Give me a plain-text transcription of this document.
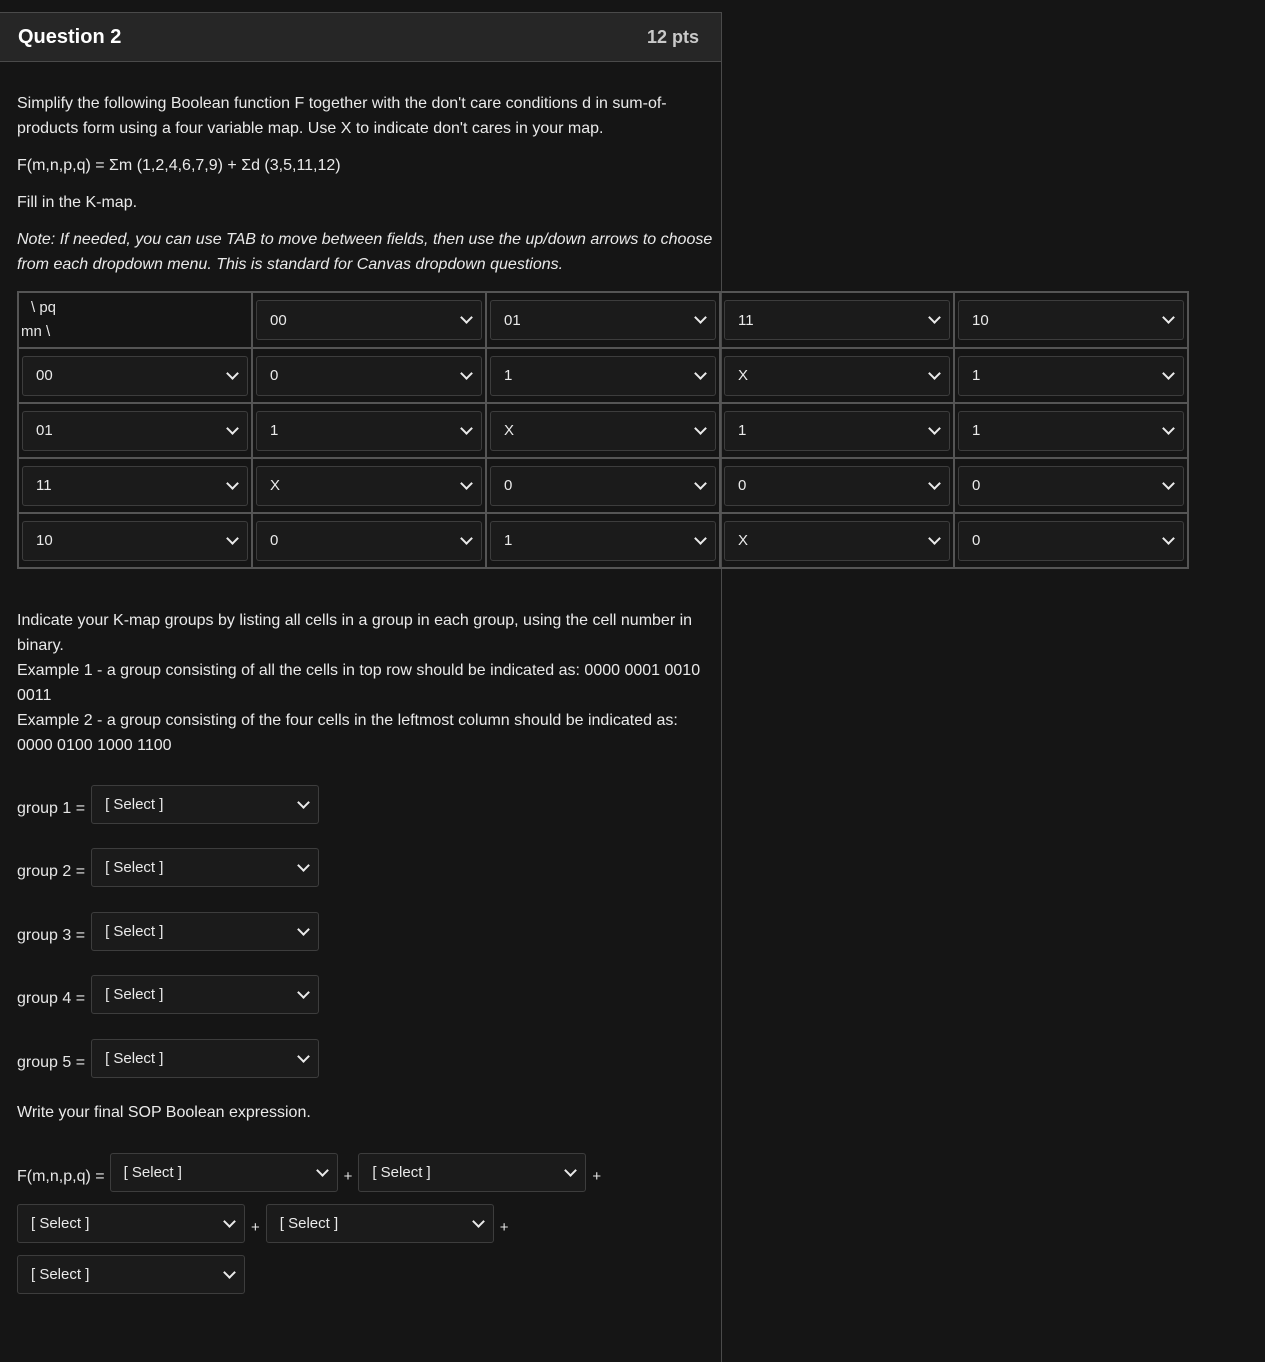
Question 2	12 pts

Simplify the following Boolean function F together with the don't care conditions d in sum-of-products form using a four variable map. Use X to indicate don't cares in your map.

F(m,n,p,q) = Σm (1,2,4,6,7,9) + Σd (3,5,11,12)

Fill in the K-map.

Note: If needed, you can use TAB to move between fields, then use the up/down arrows to choose from each dropdown menu. This is standard for Canvas dropdown questions.

\ pq
mn \	00	01	11	10

00	0	1	X	1

01	1	X	1	1

11	X	0	0	0

10	0	1	X	0

Indicate your K-map groups by listing all cells in a group in each group, using the cell number in binary.

Example 1 - a group consisting of all the cells in top row should be indicated as: 0000 0001 0010 0011

Example 2 - a group consisting of the four cells in the leftmost column should be indicated as: 0000 0100 1000 1100

group 1 = [ Select ]
group 2 = [ Select ]
group 3 = [ Select ]
group 4 = [ Select ]
group 5 = [ Select ]

Write your final SOP Boolean expression.

F(m,n,p,q) = [ Select ]	+ [ Select ]	+
[ Select ]	+ [ Select ]	+
[ Select ]
